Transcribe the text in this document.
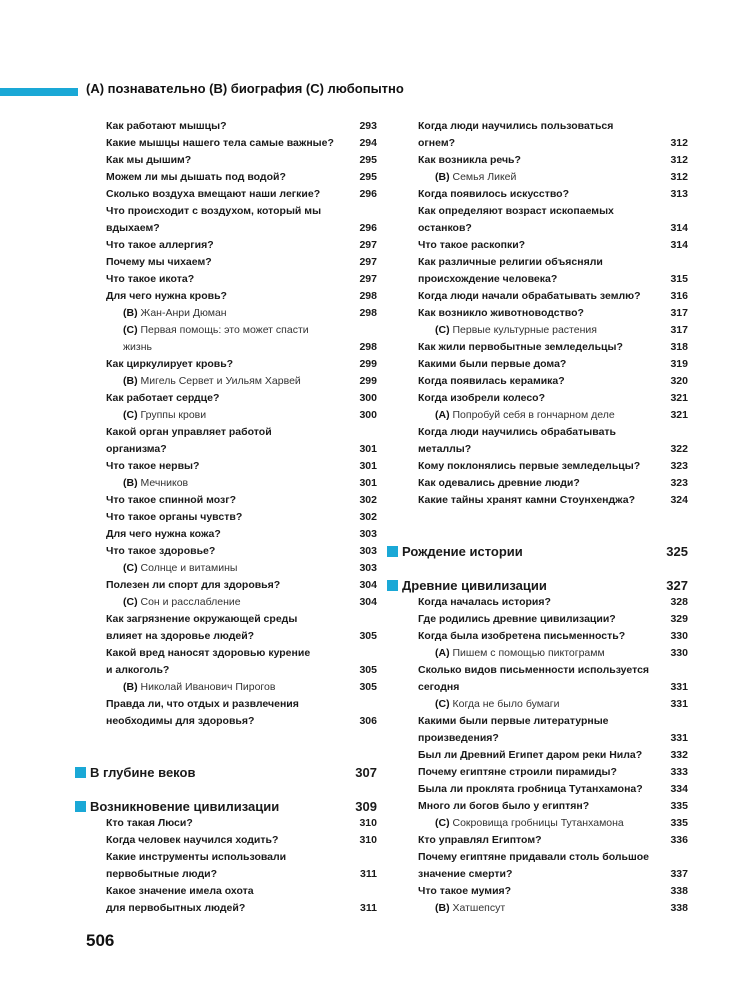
(А) познавательно (В) биография (С) любопытно
Как работают мышцы?	293
Какие мышцы нашего тела самые важные?	294
Как мы дышим?	295
Можем ли мы дышать под водой?	295
Сколько воздуха вмещают наши легкие?	296
Что происходит с воздухом, который мы
вдыхаем?	296
Что такое аллергия?	297
Почему мы чихаем?	297
Что такое икота?	297
Для чего нужна кровь?	298
(B) Жан-Анри Дюман	298
(C) Первая помощь: это может спасти
жизнь	298
Как циркулирует кровь?	299
(B) Мигель Сервет и Уильям Харвей	299
Как работает сердце?	300
(C) Группы крови	300
Какой орган управляет работой
организма?	301
Что такое нервы?	301
(B) Мечников	301
Что такое спинной мозг?	302
Что такое органы чувств?	302
Для чего нужна кожа?	303
Что такое здоровье?	303
(C) Солнце и витамины	303
Полезен ли спорт для здоровья?	304
(C) Сон и расслабление	304
Как загрязнение окружающей среды
влияет на здоровье людей?	305
Какой вред наносят здоровью курение
и алкоголь?	305
(B) Николай Иванович Пирогов	305
Правда ли, что отдых и развлечения
необходимы для здоровья?	306
В глубине веков	307
Возникновение цивилизации	309
Кто такая Люси?	310
Когда человек научился ходить?	310
Какие инструменты использовали
первобытные люди?	311
Какое значение имела охота
для первобытных людей?	311
Когда люди научились пользоваться
огнем?	312
Как возникла речь?	312
(B) Семья Ликей	312
Когда появилось искусство?	313
Как определяют возраст ископаемых
останков?	314
Что такое раскопки?	314
Как различные религии объясняли
происхождение человека?	315
Когда люди начали обрабатывать землю?	316
Как возникло животноводство?	317
(C) Первые культурные растения	317
Как жили первобытные земледельцы?	318
Какими были первые дома?	319
Когда появилась керамика?	320
Когда изобрели колесо?	321
(A) Попробуй себя в гончарном деле	321
Когда люди научились обрабатывать
металлы?	322
Кому поклонялись первые земледельцы?	323
Как одевались древние люди?	323
Какие тайны хранят камни Стоунхенджа?	324
Рождение истории	325
Древние цивилизации	327
Когда началась история?	328
Где родились древние цивилизации?	329
Когда была изобретена письменность?	330
(A) Пишем с помощью пиктограмм	330
Сколько видов письменности используется
сегодня	331
(C) Когда не было бумаги	331
Какими были первые литературные
произведения?	331
Был ли Древний Египет даром реки Нила?	332
Почему египтяне строили пирамиды?	333
Была ли проклята гробница Тутанхамона?	334
Много ли богов было у египтян?	335
(C) Сокровища гробницы Тутанхамона	335
Кто управлял Египтом?	336
Почему египтяне придавали столь большое
значение смерти?	337
Что такое мумия?	338
(B) Хатшепсут	338
506
